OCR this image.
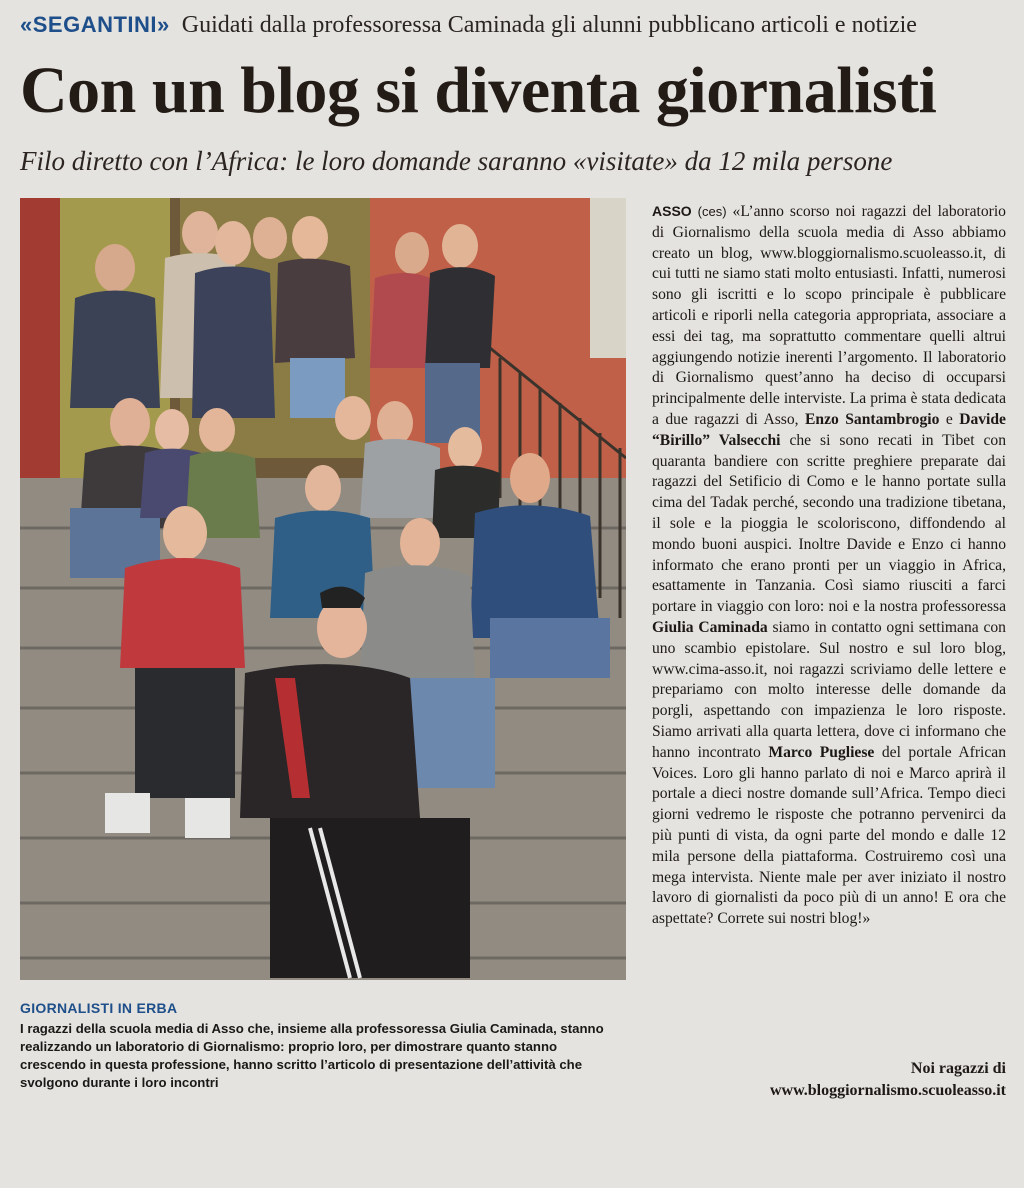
«SEGANTINI» Guidati dalla professoressa Caminada gli alunni pubblicano articoli e notizie
Con un blog si diventa giornalisti
Filo diretto con l’Africa: le loro domande saranno «visitate» da 12 mila persone
GIORNALISTI IN ERBA
I ragazzi della scuola media di Asso che, insieme alla professoressa Giulia Caminada, stanno realizzando un laboratorio di Giornalismo: proprio loro, per dimostrare quanto stanno crescendo in questa professione, hanno scritto l’articolo di presentazione dell’attività che svolgono durante i loro incontri
ASSO (ces) «L’anno scorso noi ragazzi del laboratorio di Giornalismo della scuola media di Asso abbiamo creato un blog, www.bloggiornalismo.scuoleasso.it, di cui tutti ne siamo stati molto entusiasti. Infatti, numerosi sono gli iscritti e lo scopo principale è pubblicare articoli e riporli nella categoria appropriata, associare a essi dei tag, ma soprattutto commentare quelli altrui aggiungendo notizie inerenti l’argomento. Il laboratorio di Giornalismo quest’anno ha deciso di occuparsi principalmente delle interviste. La prima è stata dedicata a due ragazzi di Asso, Enzo Santambrogio e Davide “Birillo” Valsecchi che si sono recati in Tibet con quaranta bandiere con scritte preghiere preparate dai ragazzi del Setificio di Como e le hanno portate sulla cima del Tadak perché, secondo una tradizione tibetana, il sole e la pioggia le scoloriscono, diffondendo al mondo buoni auspici. Inoltre Davide e Enzo ci hanno informato che erano pronti per un viaggio in Africa, esattamente in Tanzania. Così siamo riusciti a farci portare in viaggio con loro: noi e la nostra professoressa Giulia Caminada siamo in contatto ogni settimana con uno scambio epistolare. Sul nostro e sul loro blog, www.cima-asso.it, noi ragazzi scriviamo delle lettere e prepariamo con molto interesse delle domande da porgli, aspettando con impazienza le loro risposte. Siamo arrivati alla quarta lettera, dove ci informano che hanno incontrato Marco Pugliese del portale African Voices. Loro gli hanno parlato di noi e Marco aprirà il portale a dieci nostre domande sull’Africa. Tempo dieci giorni vedremo le risposte che potranno pervenirci da più punti di vista, da ogni parte del mondo e dalle 12 mila persone della piattaforma. Costruiremo così una mega intervista. Niente male per aver iniziato il nostro lavoro di giornalisti da poco più di un anno! E ora che aspettate? Correte sui nostri blog!»
Noi ragazzi di
www.bloggiornalismo.scuoleasso.it
